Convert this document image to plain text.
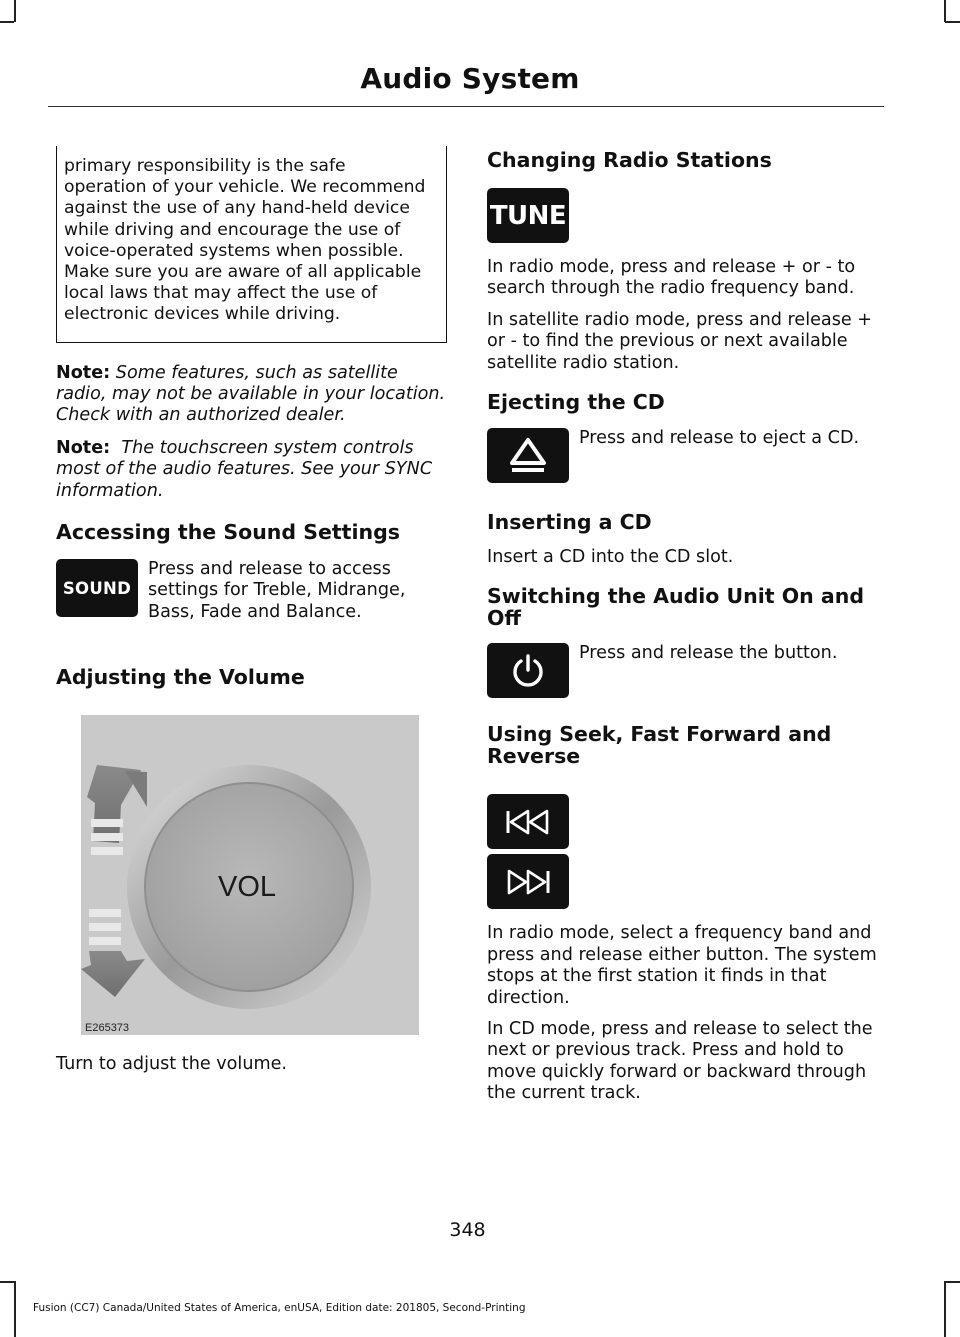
Audio System
primary responsibility is the safe operation of your vehicle. We recommend against the use of any hand-held device while driving and encourage the use of voice-operated systems when possible. Make sure you are aware of all applicable local laws that may affect the use of electronic devices while driving.

Note: Some features, such as satellite radio, may not be available in your location. Check with an authorized dealer.

Note: The touchscreen system controls most of the audio features. See your SYNC information.

Accessing the Sound Settings
SOUND

Press and release to access settings for Treble, Midrange, Bass, Fade and Balance.

Adjusting the Volume
VOL
E265373

Turn to adjust the volume.

Changing Radio Stations
TUNE

In radio mode, press and release + or - to search through the radio frequency band.

In satellite radio mode, press and release + or - to find the previous or next available satellite radio station.

Ejecting the CD

Press and release to eject a CD.

Inserting a CD

Insert a CD into the CD slot.

Switching the Audio Unit On and Off

Press and release the button.

Using Seek, Fast Forward and Reverse

In radio mode, select a frequency band and press and release either button. The system stops at the first station it finds in that direction.

In CD mode, press and release to select the next or previous track. Press and hold to move quickly forward or backward through the current track.

348
Fusion (CC7) Canada/United States of America, enUSA, Edition date: 201805, Second-Printing
